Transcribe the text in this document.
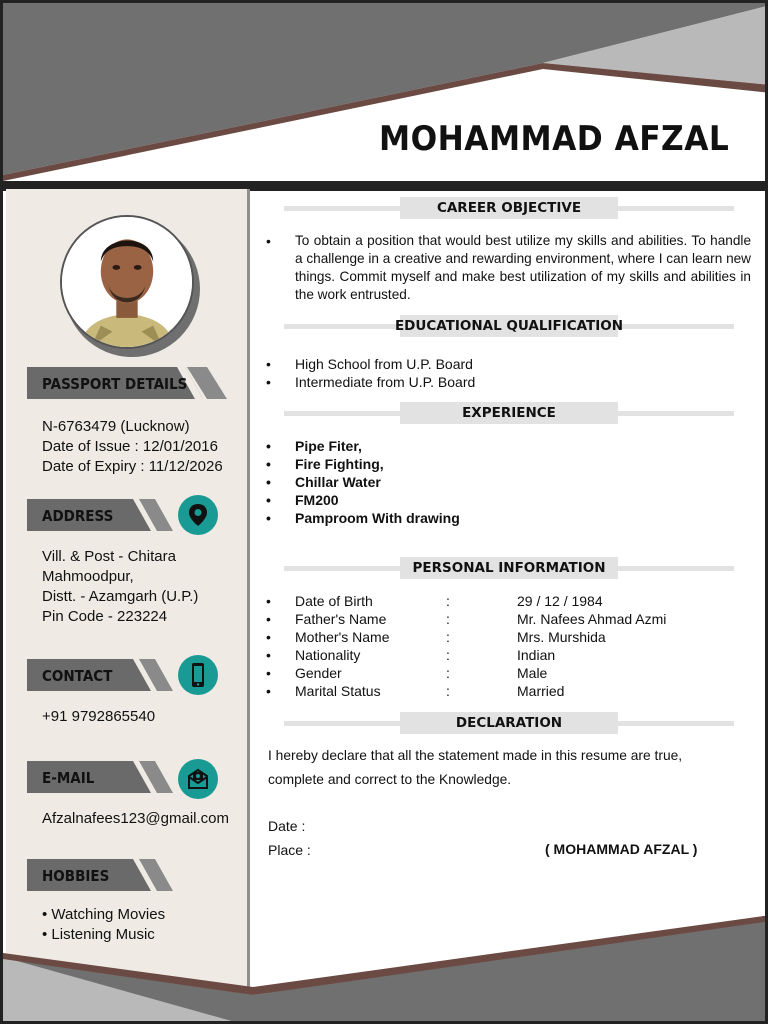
MOHAMMAD AFZAL
PASSPORT DETAILS
N-6763479 (Lucknow)
Date of Issue : 12/01/2016
Date of Expiry : 11/12/2026
ADDRESS
Vill. & Post - Chitara
Mahmoodpur,
Distt. - Azamgarh (U.P.)
Pin Code - 223224
CONTACT
+91 9792865540
E-MAIL
Afzalnafees123@gmail.com
HOBBIES
• Watching Movies
• Listening Music
CAREER OBJECTIVE
• To obtain a position that would best utilize my skills and abilities. To handle a challenge in a creative and rewarding environment, where I can learn new things. Commit myself and make best utilization of my skills and abilities in the work entrusted.
EDUCATIONAL QUALIFICATION
• High School from U.P. Board
• Intermediate from U.P. Board
EXPERIENCE
• Pipe Fiter,
• Fire Fighting,
• Chillar Water
• FM200
• Pamproom With drawing
PERSONAL INFORMATION
• Date of Birth	:	29 / 12 / 1984
• Father's Name	:	Mr. Nafees Ahmad Azmi
• Mother's Name	:	Mrs. Murshida
• Nationality	:	Indian
• Gender	:	Male
• Marital Status	:	Married
DECLARATION
I hereby declare that all the statement made in this resume are true,
complete and correct to the Knowledge.
Date :
Place :	( MOHAMMAD AFZAL )
